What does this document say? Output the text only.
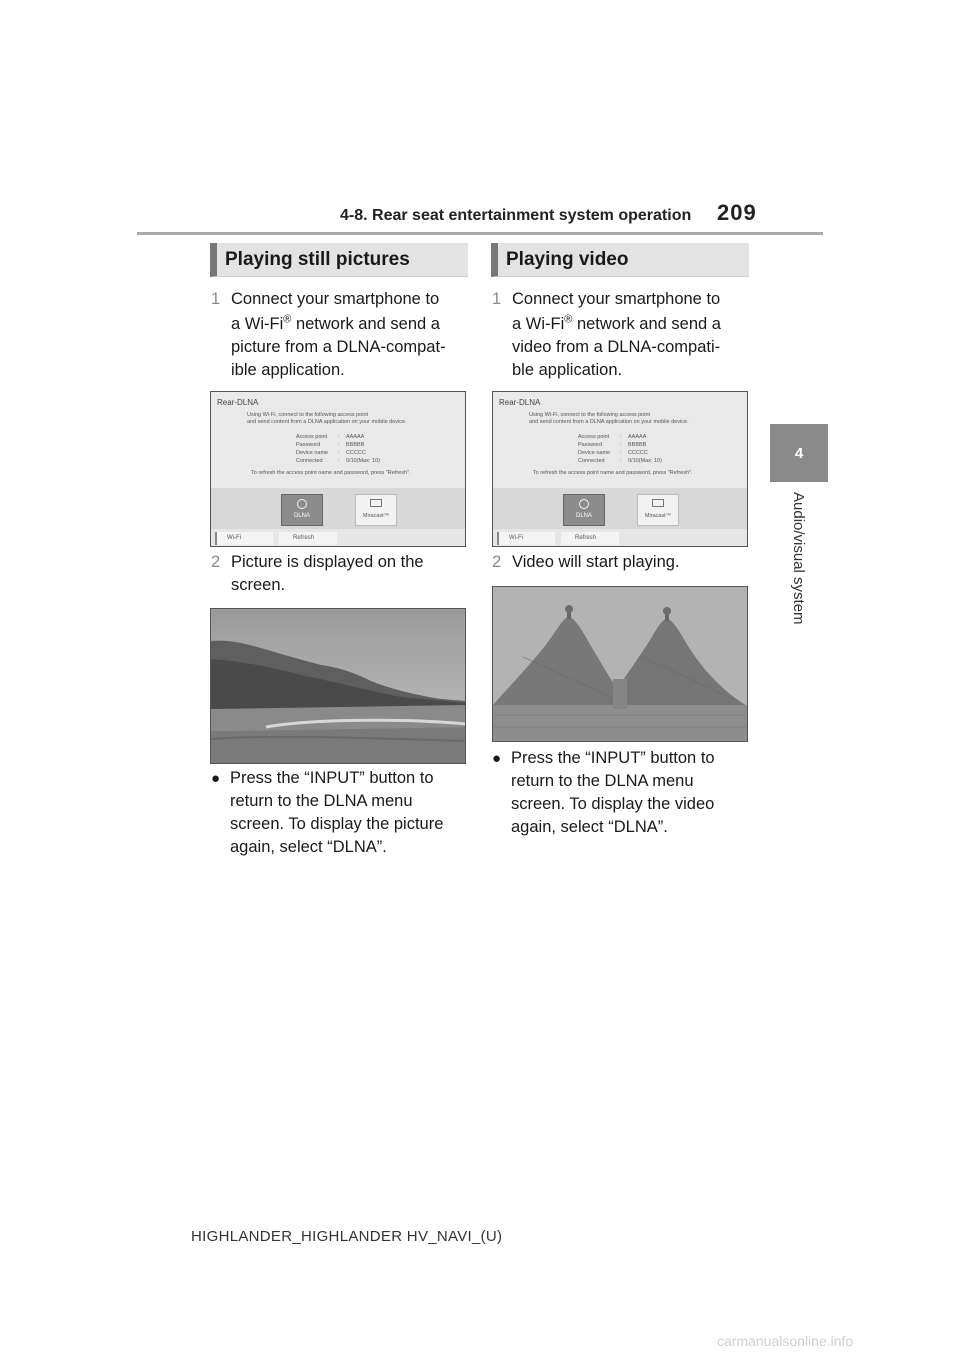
4-8. Rear seat entertainment system operation 209
4
Audio/visual system
Playing still pictures
1 Connect your smartphone to
a Wi-Fi® network and send a
picture from a DLNA-compat-
ible application.
Rear-DLNA
Using Wi-Fi, connect to the following access point
and send content from a DLNA application on your mobile device.
Access point : AAAAA
Password	: BBBBB
Device name : CCCCC
Connected	: 0/10(Max: 10)
To refresh the access point name and password, press "Refresh".
DLNA	Miracast™
Wi-Fi	Refresh
2 Picture is displayed on the
screen.
● Press the “INPUT” button to
return to the DLNA menu
screen. To display the picture
again, select “DLNA”.
Playing video
1 Connect your smartphone to
a Wi-Fi® network and send a
video from a DLNA-compati-
ble application.
Rear-DLNA
Using Wi-Fi, connect to the following access point
and send content from a DLNA application on your mobile device.
Access point : AAAAA
Password	: BBBBB
Device name : CCCCC
Connected	: 0/10(Max: 10)
To refresh the access point name and password, press "Refresh".
DLNA	Miracast™
Wi-Fi	Refresh
2 Video will start playing.
● Press the “INPUT” button to
return to the DLNA menu
screen. To display the video
again, select “DLNA”.
HIGHLANDER_HIGHLANDER HV_NAVI_(U)
carmanualsonline.info
